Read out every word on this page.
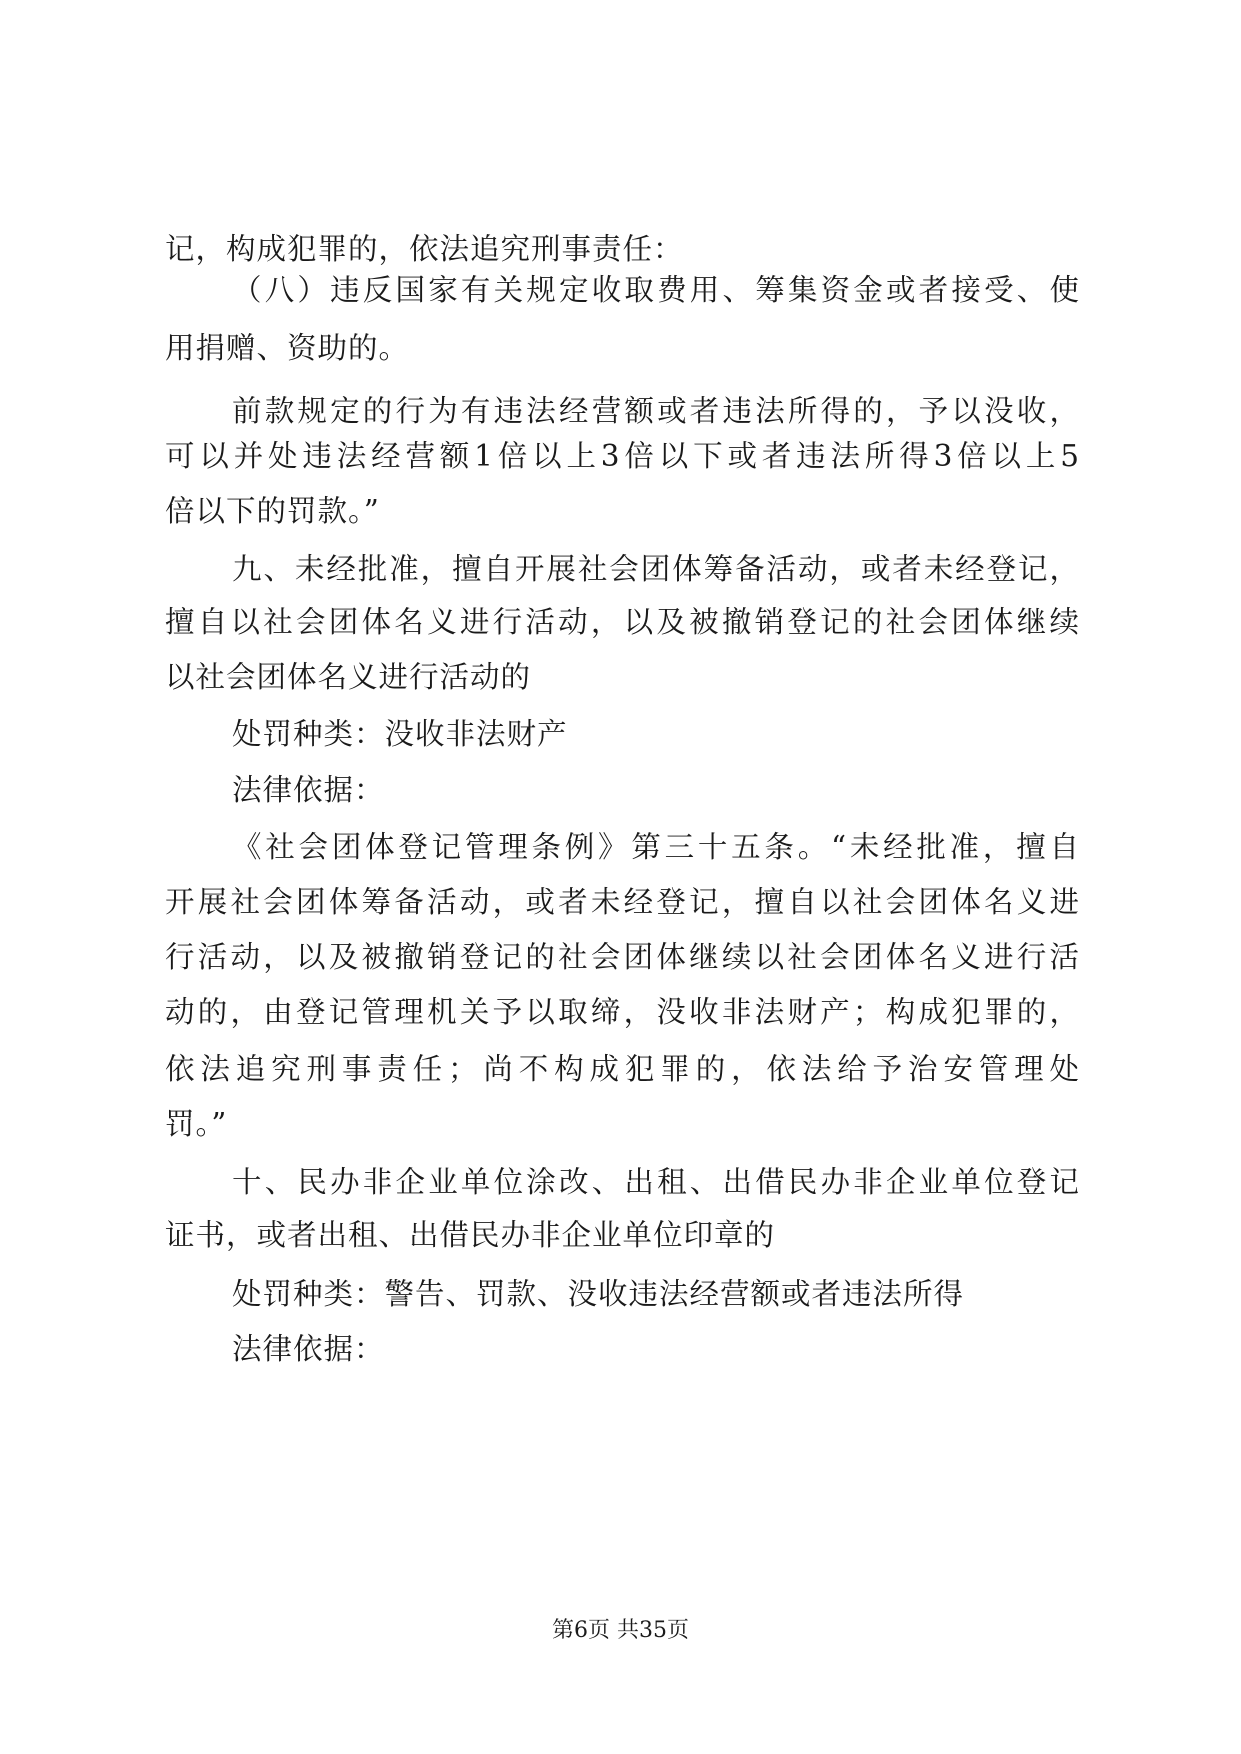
记，构成犯罪的，依法追究刑事责任：
（八）违反国家有关规定收取费用、筹集资金或者接受、使
用捐赠、资助的。
前款规定的行为有违法经营额或者违法所得的，予以没收，
可以并处违法经营额1倍以上3倍以下或者违法所得3倍以上5
倍以下的罚款。”
九、未经批准，擅自开展社会团体筹备活动，或者未经登记，
擅自以社会团体名义进行活动，以及被撤销登记的社会团体继续
以社会团体名义进行活动的
处罚种类：没收非法财产
法律依据：
《社会团体登记管理条例》第三十五条。“未经批准，擅自
开展社会团体筹备活动，或者未经登记，擅自以社会团体名义进
行活动，以及被撤销登记的社会团体继续以社会团体名义进行活
动的，由登记管理机关予以取缔，没收非法财产；构成犯罪的，
依法追究刑事责任；尚不构成犯罪的，依法给予治安管理处
罚。”
十、民办非企业单位涂改、出租、出借民办非企业单位登记
证书，或者出租、出借民办非企业单位印章的
处罚种类：警告、罚款、没收违法经营额或者违法所得
法律依据：
第6页 共35页
